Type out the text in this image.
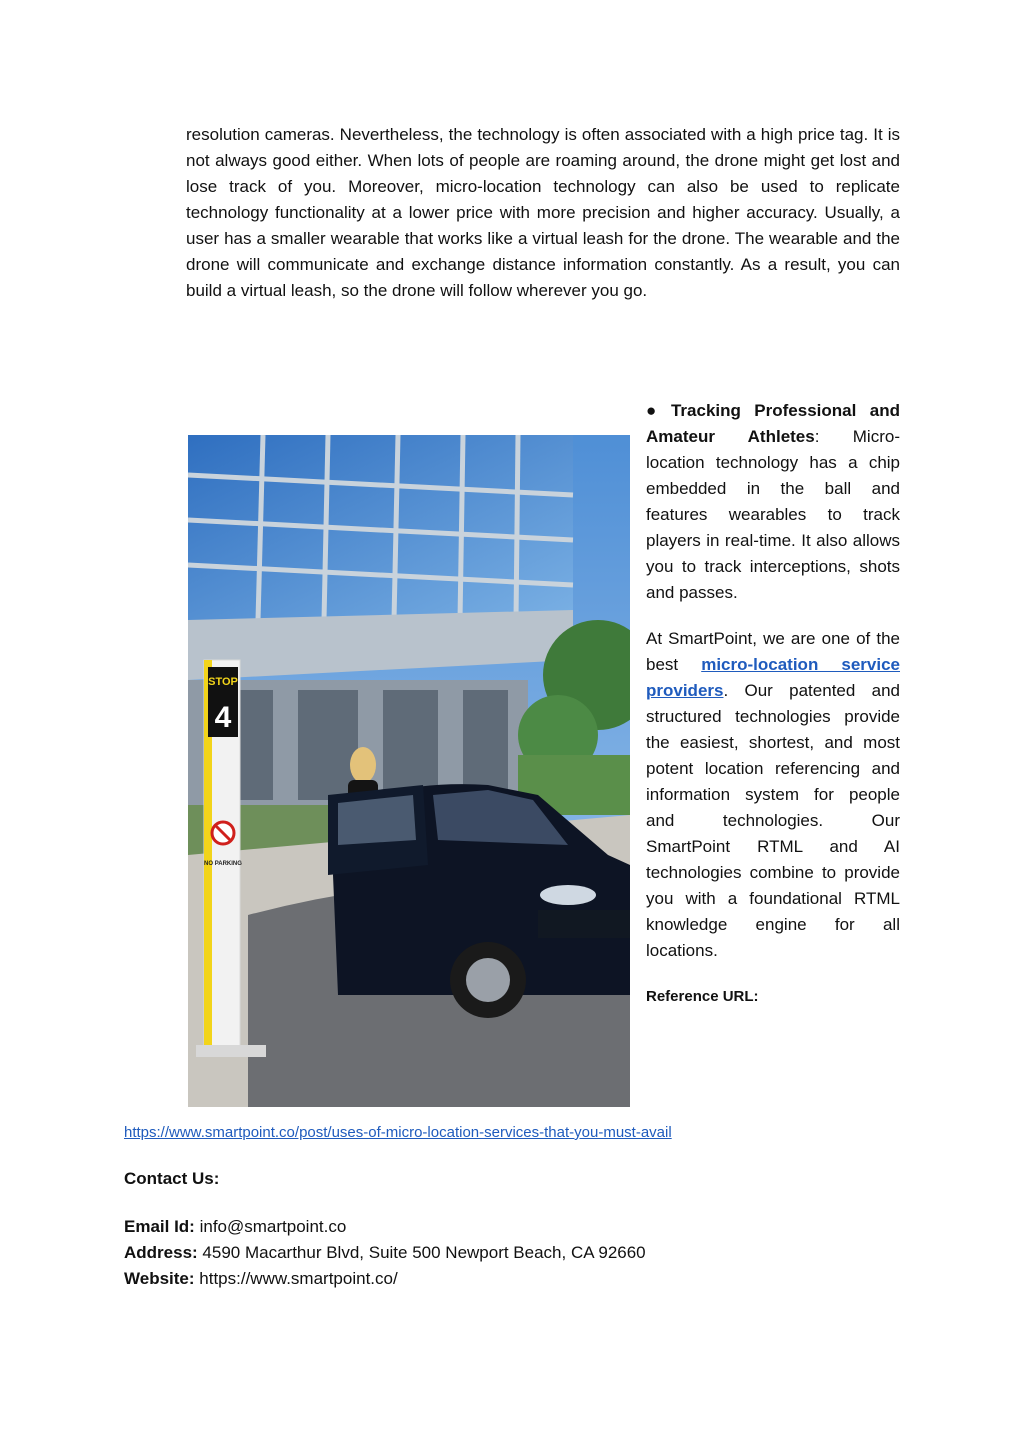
resolution cameras. Nevertheless, the technology is often associated with a high price tag. It is not always good either. When lots of people are roaming around, the drone might get lost and lose track of you. Moreover, micro-location technology can also be used to replicate technology functionality at a lower price with more precision and higher accuracy. Usually, a user has a smaller wearable that works like a virtual leash for the drone. The wearable and the drone will communicate and exchange distance information constantly. As a result, you can build a virtual leash, so the drone will follow wherever you go.

STOP
4
NO PARKING

● Tracking Professional and Amateur Athletes: Micro-location technology has a chip embedded in the ball and features wearables to track players in real-time. It also allows you to track interceptions, shots and passes.

At SmartPoint, we are one of the best micro-location service providers. Our patented and structured technologies provide the easiest, shortest, and most potent location referencing and information system for people and technologies. Our SmartPoint RTML and AI technologies combine to provide you with a foundational RTML knowledge engine for all locations.

Reference URL:

https://www.smartpoint.co/post/uses-of-micro-location-services-that-you-must-avail
Contact Us:
Email Id: info@smartpoint.co
Address: 4590 Macarthur Blvd, Suite 500 Newport Beach, CA 92660
Website: https://www.smartpoint.co/
